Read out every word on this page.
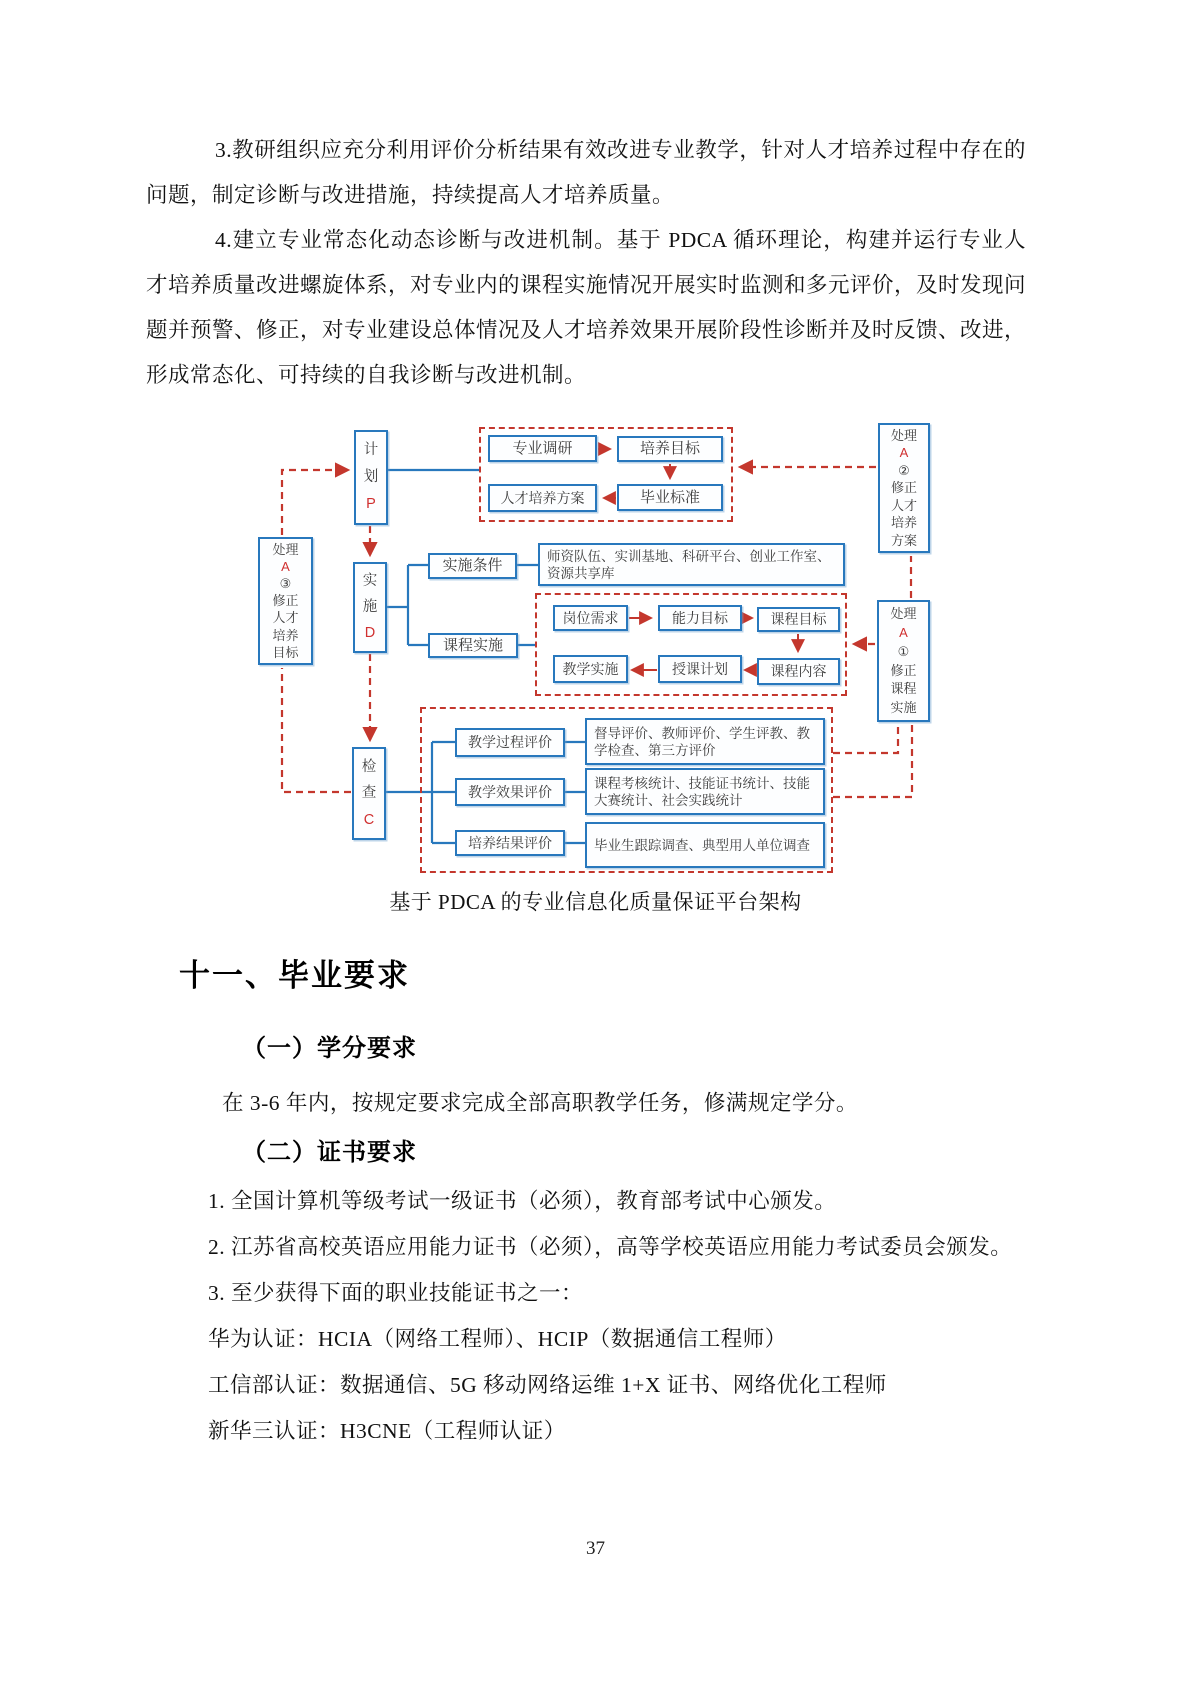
3.教研组织应充分利用评价分析结果有效改进专业教学，针对人才培养过程中存在的问题，制定诊断与改进措施，持续提高人才培养质量。

4.建立专业常态化动态诊断与改进机制。基于 PDCA 循环理论，构建并运行专业人才培养质量改进螺旋体系，对专业内的课程实施情况开展实时监测和多元评价，及时发现问题并预警、修正，对专业建设总体情况及人才培养效果开展阶段性诊断并及时反馈、改进，形成常态化、可持续的自我诊断与改进机制。

计
划
P
专业调研	培养目标
人才培养方案	毕业标准
处理
A
②
修正
人才
培养
方案
处理
A
③
修正
人才
培养
目标
实
施
D
实施条件
师资队伍、实训基地、科研平台、创业工作室、资源共享库
课程实施
岗位需求	能力目标	课程目标
教学实施	授课计划	课程内容
处理
A
①
修正
课程
实施
检
查
C
教学过程评价
督导评价、教师评价、学生评教、教学检查、第三方评价
教学效果评价
课程考核统计、技能证书统计、技能大赛统计、社会实践统计
培养结果评价	毕业生跟踪调查、典型用人单位调查
基于 PDCA 的专业信息化质量保证平台架构
十一、毕业要求
（一）学分要求
在 3-6 年内，按规定要求完成全部高职教学任务，修满规定学分。
（二）证书要求

1. 全国计算机等级考试一级证书（必须），教育部考试中心颁发。

2. 江苏省高校英语应用能力证书（必须），高等学校英语应用能力考试委员会颁发。

3. 至少获得下面的职业技能证书之一：

华为认证：HCIA（网络工程师）、HCIP（数据通信工程师）

工信部认证：数据通信、5G 移动网络运维 1+X 证书、网络优化工程师

新华三认证：H3CNE（工程师认证）

37
